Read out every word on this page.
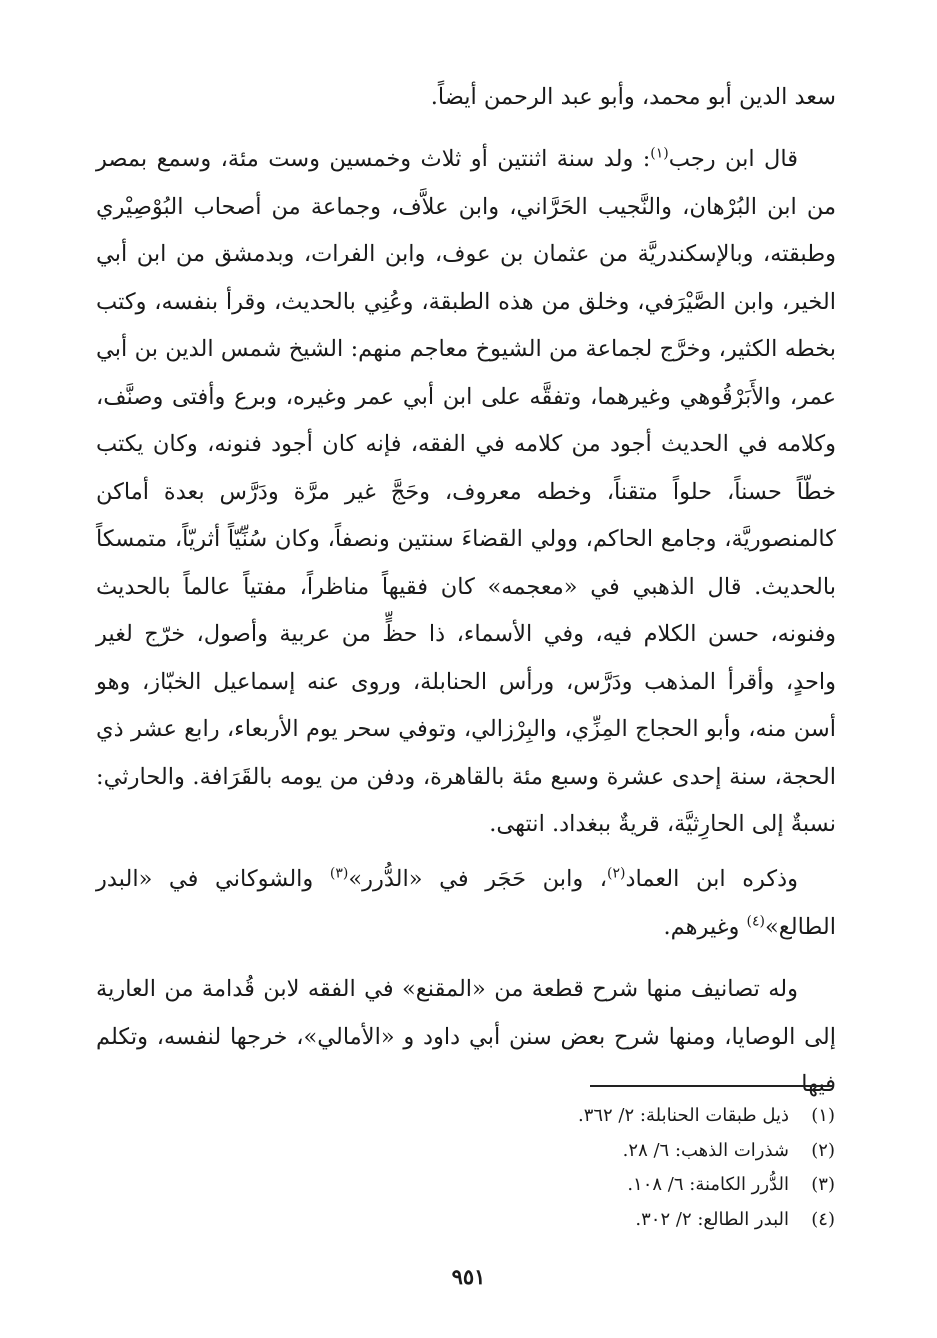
سعد الدين أبو محمد، وأبو عبد الرحمن أيضاً.

قال ابن رجب$^{(١)}$: ولد سنة اثنتين أو ثلاث وخمسين وست مئة، وسمع بمصر من ابن البُرْهان، والنَّجيب الحَرَّاني، وابن علاَّف، وجماعة من أصحاب البُوْصِيْري وطبقته، وبالإسكندريَّة من عثمان بن عوف، وابن الفرات، وبدمشق من ابن أبي الخير، وابن الصَّيْرَفي، وخلق من هذه الطبقة، وعُنِي بالحديث، وقرأ بنفسه، وكتب بخطه الكثير، وخرَّج لجماعة من الشيوخ معاجم منهم: الشيخ شمس الدين بن أبي عمر، والأَبَرْقُوهي وغيرهما، وتفقَّه على ابن أبي عمر وغيره، وبرع وأفتى وصنَّف، وكلامه في الحديث أجود من كلامه في الفقه، فإنه كان أجود فنونه، وكان يكتب خطّاً حسناً، حلواً متقناً، وخطه معروف، وحَجَّ غير مرَّة ودَرَّس بعدة أماكن كالمنصوريَّة، وجامع الحاكم، وولي القضاءَ سنتين ونصفاً، وكان سُنِّيّاً أثريّاً، متمسكاً بالحديث. قال الذهبي في «معجمه» كان فقيهاً مناظراً، مفتياً عالماً بالحديث وفنونه، حسن الكلام فيه، وفي الأسماء، ذا حظٍّ من عربية وأصول، خرّج لغير واحدٍ، وأقرأ المذهب ودَرَّس، ورأس الحنابلة، وروى عنه إسماعيل الخبّاز، وهو أسن منه، وأبو الحجاج المِزِّي، والبِرْزالي، وتوفي سحر يوم الأربعاء، رابع عشر ذي الحجة، سنة إحدى عشرة وسبع مئة بالقاهرة، ودفن من يومه بالقَرَافة. والحارثي: نسبةٌ إلى الحارِثيَّة، قريةٌ ببغداد. انتهى.

وذكره ابن العماد$^{(٢)}$، وابن حَجَر في «الدُّرر»$^{(٣)}$ والشوكاني في «البدر الطالع»$^{(٤)}$ وغيرهم.

وله تصانيف منها شرح قطعة من «المقنع» في الفقه لابن قُدامة من العارية إلى الوصايا، ومنها شرح بعض سنن أبي داود و «الأمالي»، خرجها لنفسه، وتكلم فيها

(١)ذيل طبقات الحنابلة: ٢/ ٣٦٢.
(٢)شذرات الذهب: ٦/ ٢٨.
(٣)الدُّرر الكامنة: ٦/ ١٠٨.
(٤)البدر الطالع: ٢/ ٣٠٢.
٩٥١
